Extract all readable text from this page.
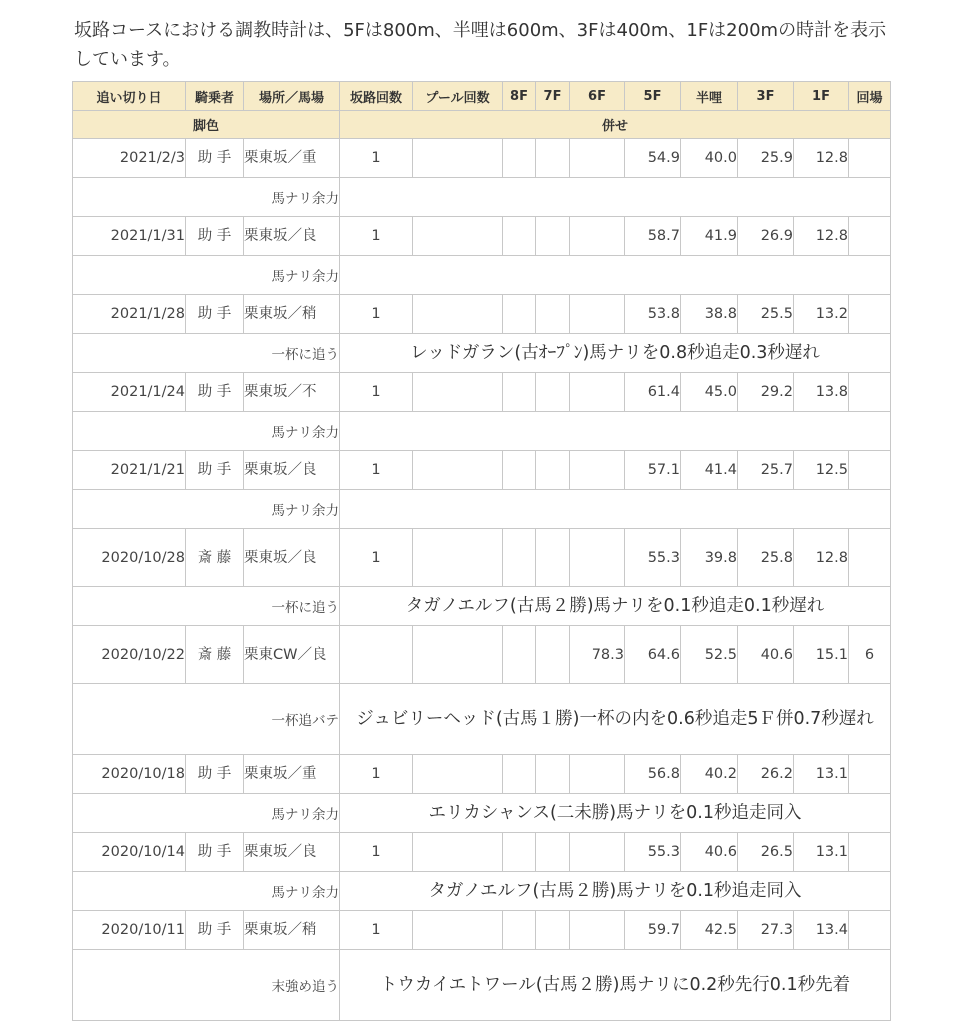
坂路コースにおける調教時計は、5Fは800m、半哩は600m、3Fは400m、1Fは200mの時計を表示しています。

追い切り日	騎乗者	場所／馬場	坂路回数	プール回数	8F	7F	6F	5F	半哩	3F	1F	回場
脚色			併せ									
2021/2/3	助 手	栗東坂／重	1					54.9	40.0	25.9	12.8	
馬ナリ余力												
2021/1/31	助 手	栗東坂／良	1					58.7	41.9	26.9	12.8	
馬ナリ余力												
2021/1/28	助 手	栗東坂／稍	1					53.8	38.8	25.5	13.2	
一杯に追う			レッドガラン(古ｵｰﾌﾟﾝ)馬ナリを0.8秒追走0.3秒遅れ									
2021/1/24	助 手	栗東坂／不	1					61.4	45.0	29.2	13.8	
馬ナリ余力												
2021/1/21	助 手	栗東坂／良	1					57.1	41.4	25.7	12.5	
馬ナリ余力												
2020/10/28	斎 藤	栗東坂／良	1					55.3	39.8	25.8	12.8	
一杯に追う			タガノエルフ(古馬２勝)馬ナリを0.1秒追走0.1秒遅れ									
2020/10/22	斎 藤	栗東CW／良					78.3	64.6	52.5	40.6	15.1	6
一杯追バテ			ジュビリーヘッド(古馬１勝)一杯の内を0.6秒追走5Ｆ併0.7秒遅れ									
2020/10/18	助 手	栗東坂／重	1					56.8	40.2	26.2	13.1	
馬ナリ余力			エリカシャンス(二未勝)馬ナリを0.1秒追走同入									
2020/10/14	助 手	栗東坂／良	1					55.3	40.6	26.5	13.1	
馬ナリ余力			タガノエルフ(古馬２勝)馬ナリを0.1秒追走同入									
2020/10/11	助 手	栗東坂／稍	1					59.7	42.5	27.3	13.4	
末強め追う			トウカイエトワール(古馬２勝)馬ナリに0.2秒先行0.1秒先着									
